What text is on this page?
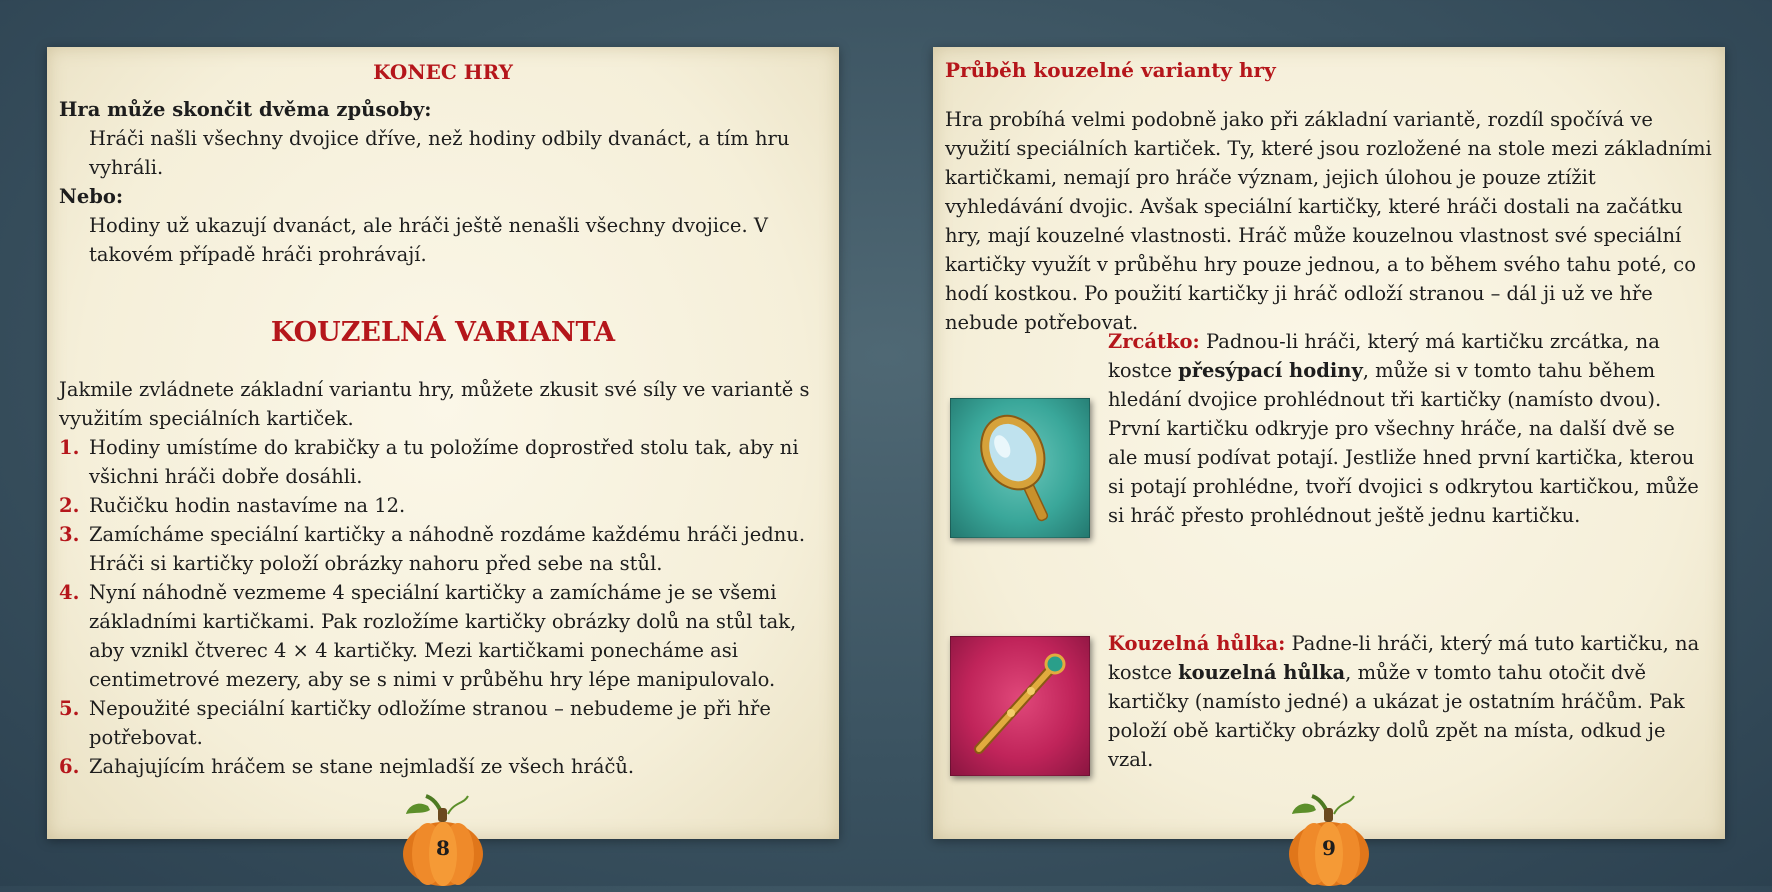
KONEC HRY
Hra může skončit dvěma způsoby:
Hráči našli všechny dvojice dříve, než hodiny odbily dvanáct, a tím hru vyhráli.
Nebo:
Hodiny už ukazují dvanáct, ale hráči ještě nenašli všechny dvojice. V takovém případě hráči prohrávají.
KOUZELNÁ VARIANTA
Jakmile zvládnete základní variantu hry, můžete zkusit své síly ve variantě s využitím speciálních kartiček.
1. Hodiny umístíme do krabičky a tu položíme doprostřed stolu tak, aby ni všichni hráči dobře dosáhli.
2. Ručičku hodin nastavíme na 12.
3. Zamícháme speciální kartičky a náhodně rozdáme každému hráči jednu. Hráči si kartičky položí obrázky nahoru před sebe na stůl.
4. Nyní náhodně vezmeme 4 speciální kartičky a zamícháme je se všemi základními kartičkami. Pak rozložíme kartičky obrázky dolů na stůl tak, aby vznikl čtverec 4 × 4 kartičky. Mezi kartičkami ponecháme asi centimetrové mezery, aby se s nimi v průběhu hry lépe manipulovalo.
5. Nepoužité speciální kartičky odložíme stranou – nebudeme je při hře potřebovat.
6. Zahajujícím hráčem se stane nejmladší ze všech hráčů.
8
Průběh kouzelné varianty hry
Hra probíhá velmi podobně jako při základní variantě, rozdíl spočívá ve využití speciálních kartiček. Ty, které jsou rozložené na stole mezi základními kartičkami, nemají pro hráče význam, jejich úlohou je pouze ztížit vyhledávání dvojic. Avšak speciální kartičky, které hráči dostali na začátku hry, mají kouzelné vlastnosti. Hráč může kouzelnou vlastnost své speciální kartičky využít v průběhu hry pouze jednou, a to během svého tahu poté, co hodí kostkou. Po použití kartičky ji hráč odloží stranou – dál ji už ve hře nebude potřebovat.
Zrcátko: Padnou-li hráči, který má kartičku zrcátka, na kostce přesýpací hodiny, může si v tomto tahu během hledání dvojice prohlédnout tři kartičky (namísto dvou). První kartičku odkryje pro všechny hráče, na další dvě se ale musí podívat potají. Jestliže hned první kartička, kterou si potají prohlédne, tvoří dvojici s odkrytou kartičkou, může si hráč přesto prohlédnout ještě jednu kartičku.
Kouzelná hůlka: Padne-li hráči, který má tuto kartičku, na kostce kouzelná hůlka, může v tomto tahu otočit dvě kartičky (namísto jedné) a ukázat je ostatním hráčům. Pak položí obě kartičky obrázky dolů zpět na místa, odkud je vzal.
9
